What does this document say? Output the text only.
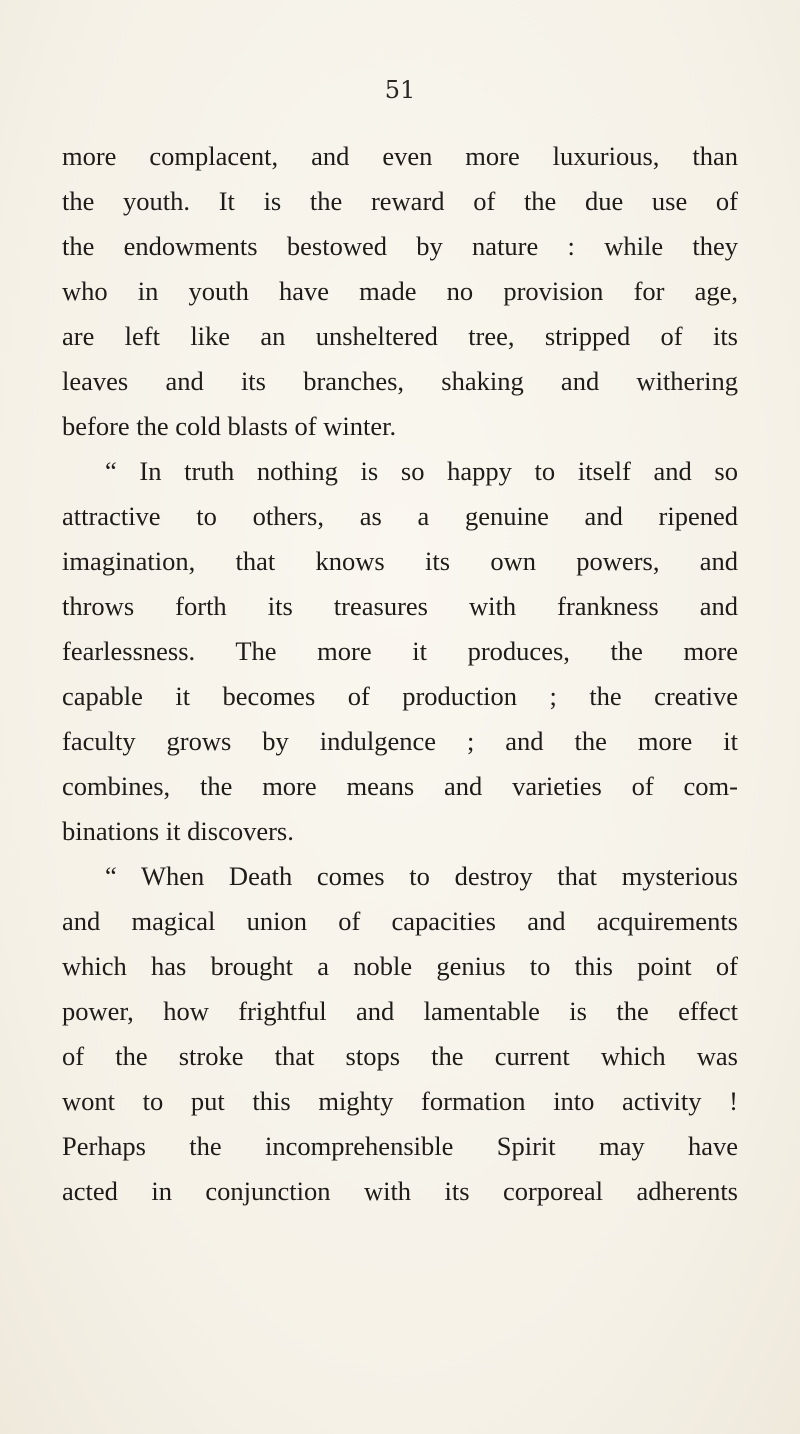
51
more complacent, and even more luxurious, than
the youth. It is the reward of the due use of
the endowments bestowed by nature : while they
who in youth have made no provision for age,
are left like an unsheltered tree, stripped of its
leaves and its branches, shaking and withering
before the cold blasts of winter.
“ In truth nothing is so happy to itself and so
attractive to others, as a genuine and ripened
imagination, that knows its own powers, and
throws forth its treasures with frankness and
fearlessness. The more it produces, the more
capable it becomes of production ; the creative
faculty grows by indulgence ; and the more it
combines, the more means and varieties of com-
binations it discovers.
“ When Death comes to destroy that mysterious
and magical union of capacities and acquirements
which has brought a noble genius to this point of
power, how frightful and lamentable is the effect
of the stroke that stops the current which was
wont to put this mighty formation into activity !
Perhaps the incomprehensible Spirit may have
acted in conjunction with its corporeal adherents
